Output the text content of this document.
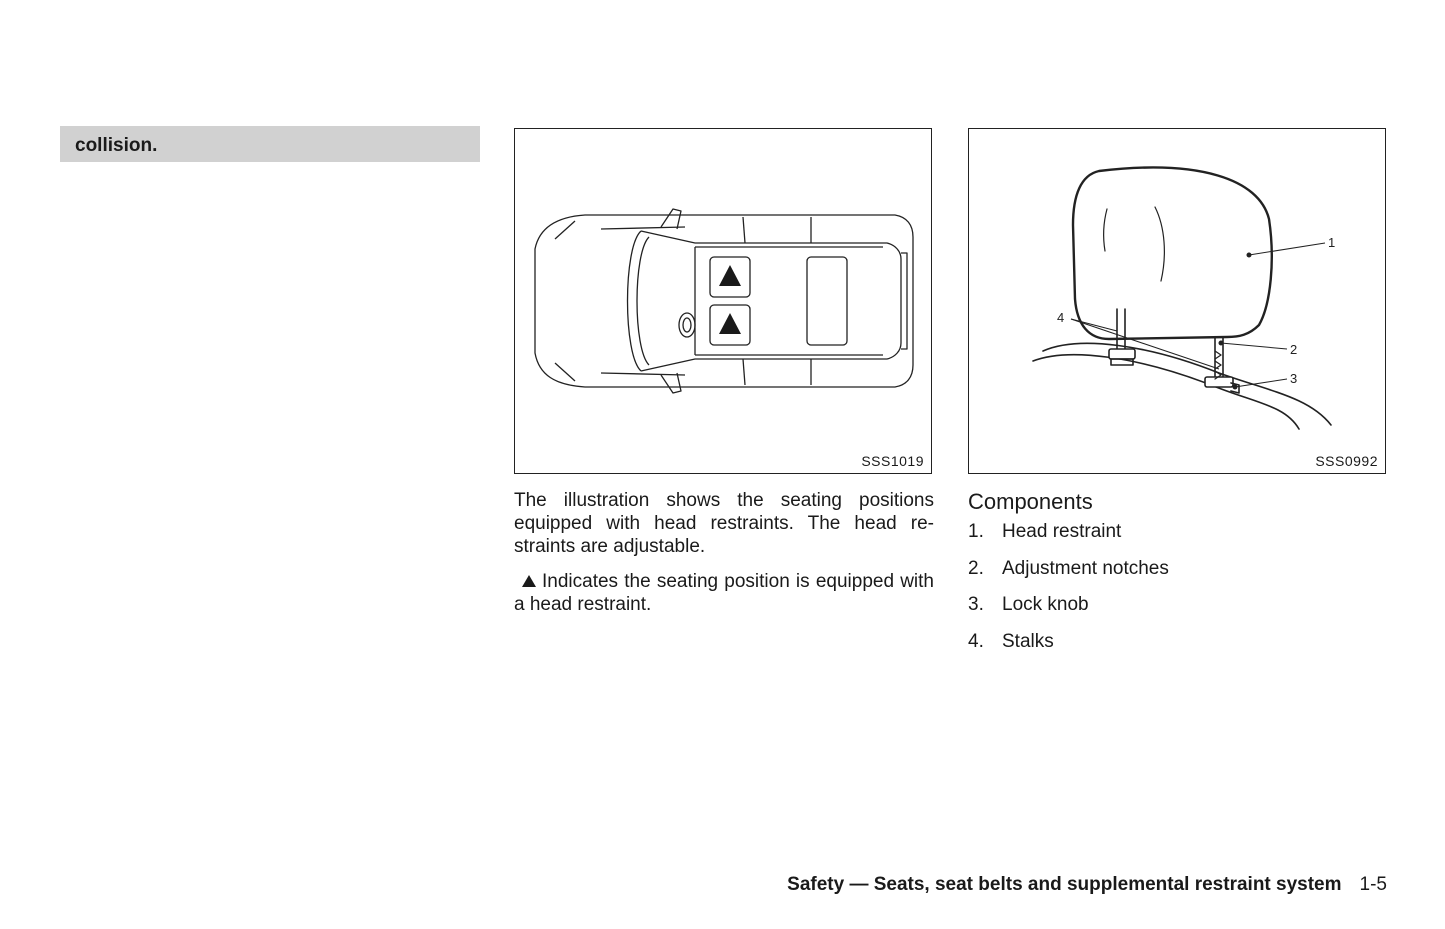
collision.
SSS1019
1
2
3
4
SSS0992

The illustration shows the seating positions equipped with head restraints. The head re-straints are adjustable.

Indicates the seating position is equipped with a head restraint.

Components
1. Head restraint
2. Adjustment notches
3. Lock knob
4. Stalks
Safety — Seats, seat belts and supplemental restraint system 1-5
